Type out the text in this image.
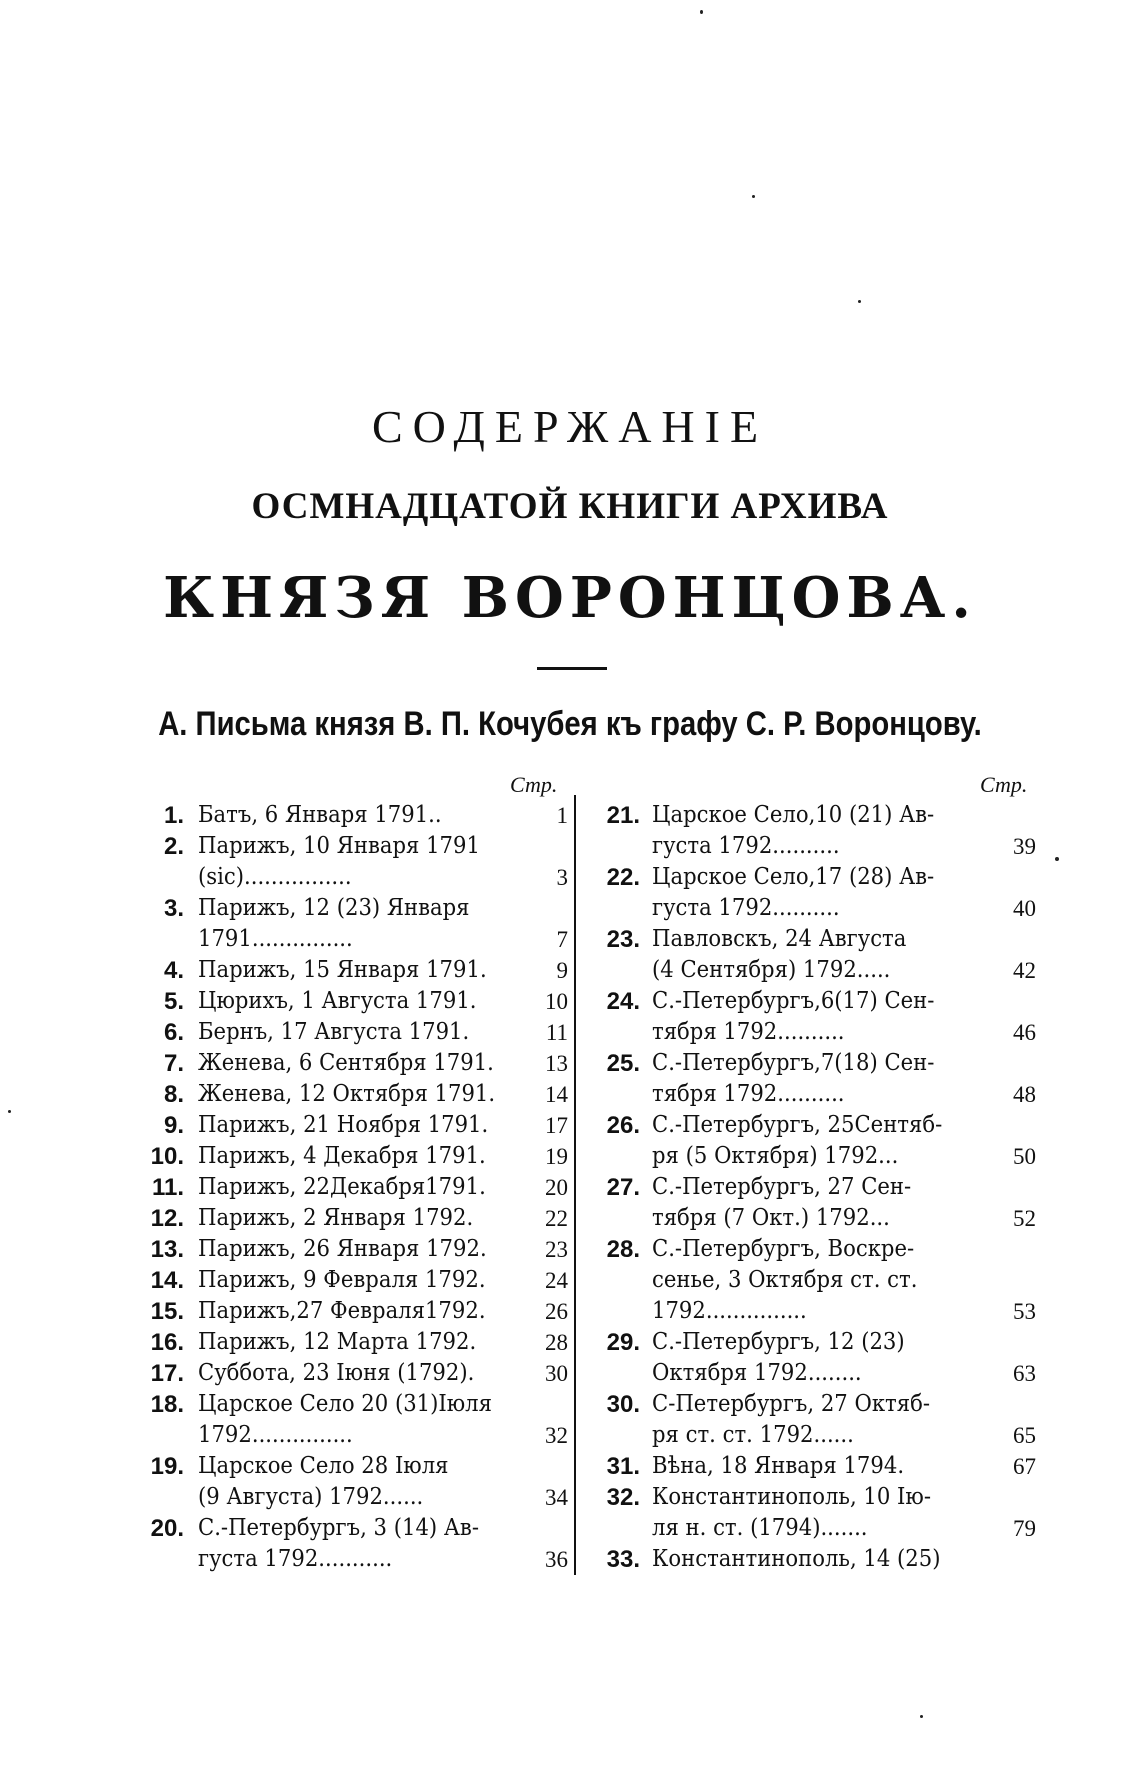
СОДЕРЖАНІЕ
ОСМНАДЦАТОЙ КНИГИ АРХИВА
КНЯЗЯ ВОРОНЦОВА.
А. Письма князя В. П. Кочубея къ графу С. Р. Воронцову.
Стр.	Стр.
1. Батъ, 6 Января 1791..	1
2. Парижъ, 10 Января 1791
(sic)................	3
3. Парижъ, 12 (23) Января
1791...............	7
4. Парижъ, 15 Января 1791.	9
5. Цюрихъ, 1 Августа 1791.	10
6. Бернъ, 17 Августа 1791.	11
7. Женева, 6 Сентября 1791.	13
8. Женева, 12 Октября 1791.	14
9. Парижъ, 21 Ноября 1791.	17
10. Парижъ, 4 Декабря 1791.	19
11. Парижъ, 22Декабря1791.	20
12. Парижъ, 2 Января 1792.	22
13. Парижъ, 26 Января 1792.	23
14. Парижъ, 9 Февраля 1792.	24
15. Парижъ,27 Февраля1792.	26
16. Парижъ, 12 Марта 1792.	28
17. Суббота, 23 Іюня (1792).	30
18. Царское Село 20 (31)Іюля
1792...............	32
19. Царское Село 28 Іюля
(9 Августа) 1792......	34
20. С.-Петербургъ, 3 (14) Ав-
густа 1792...........	36
21. Царское Село,10 (21) Ав-
густа 1792..........	39
22. Царское Село,17 (28) Ав-
густа 1792..........	40
23. Павловскъ, 24 Августа
(4 Сентября) 1792.....	42
24. С.-Петербургъ,6(17) Сен-
тября 1792..........	46
25. С.-Петербургъ,7(18) Сен-
тября 1792..........	48
26. С.-Петербургъ, 25Сентяб-
ря (5 Октября) 1792...	50
27. С.-Петербургъ, 27 Сен-
тября (7 Окт.) 1792...	52
28. С.-Петербургъ, Воскре-
сенье, 3 Октября ст. ст.
1792...............	53
29. С.-Петербургъ, 12 (23)
Октября 1792........	63
30. С-Петербургъ, 27 Октяб-
ря ст. ст. 1792......	65
31. Вѣна, 18 Января 1794.	67
32. Константинополь, 10 Ію-
ля н. ст. (1794).......	79
33. Константинополь, 14 (25)
